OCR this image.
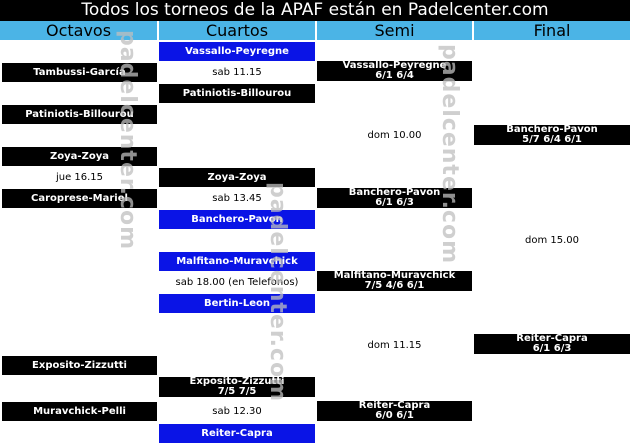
Todos los torneos de la APAF están en Padelcenter.com
Octavos	Cuartos	Semi	Final
Tambussi-García
Patiniotis-Billourou
Zoya-Zoya
jue 16.15
Caroprese-Mariel
Exposito-Zizzutti
Muravchick-Pelli
Vassallo-Peyregne
sab 11.15
Patiniotis-Billourou
Zoya-Zoya
sab 13.45
Banchero-Pavon
Malfitano-Muravchick
sab 18.00 (en Telefonos)
Bertin-Leon
Exposito-Zizzutti
7/5 7/5
sab 12.30
Reiter-Capra
Vassallo-Peyregne
6/1 6/4
dom 10.00
Banchero-Pavon
6/1 6/3
Malfitano-Muravchick
7/5 4/6 6/1
dom 11.15
Reiter-Capra
6/0 6/1
Banchero-Pavon
5/7 6/4 6/1
dom 15.00
Reiter-Capra
6/1 6/3
padelcenter.com
padelcenter.com
padelcenter.com
